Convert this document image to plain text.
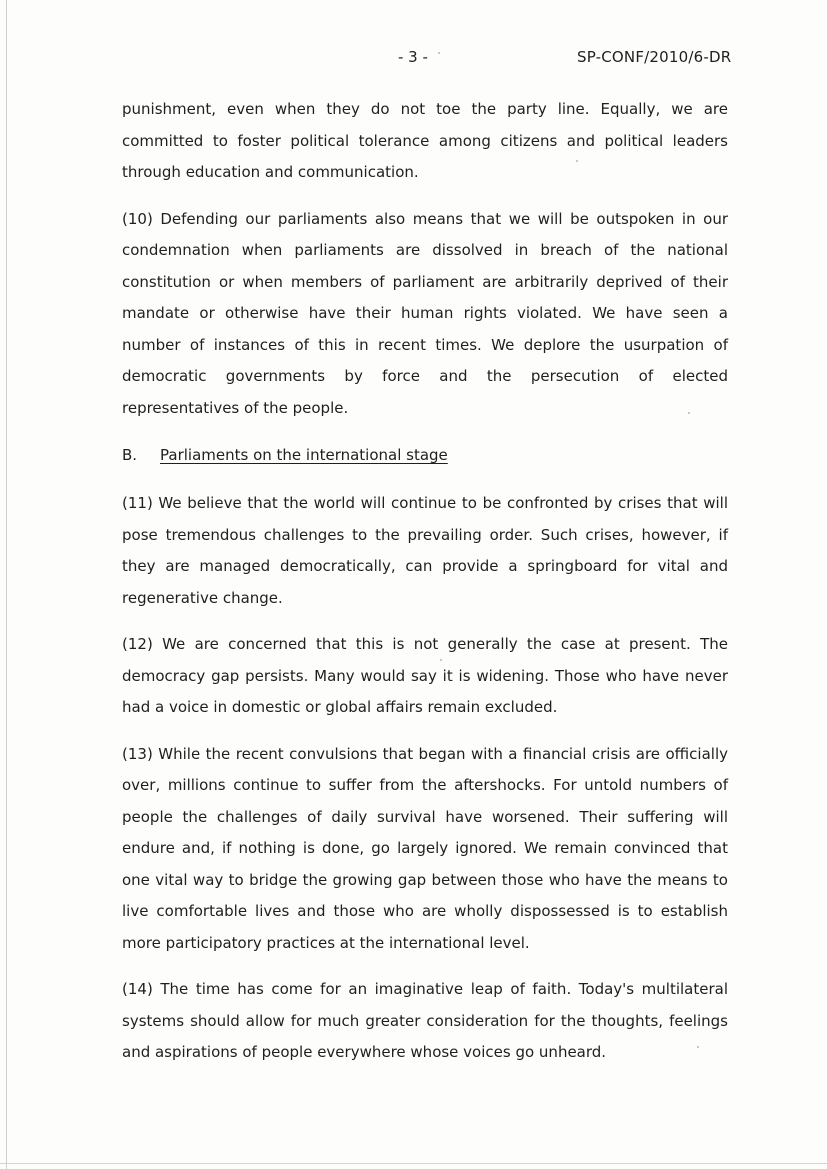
- 3 -	SP-CONF/2010/6-DR

punishment, even when they do not toe the party line. Equally, we are committed to foster political tolerance among citizens and political leaders through education and communication.

(10) Defending our parliaments also means that we will be outspoken in our condemnation when parliaments are dissolved in breach of the national constitution or when members of parliament are arbitrarily deprived of their mandate or otherwise have their human rights violated. We have seen a number of instances of this in recent times. We deplore the usurpation of democratic governments by force and the persecution of elected representatives of the people.

B. Parliaments on the international stage

(11) We believe that the world will continue to be confronted by crises that will pose tremendous challenges to the prevailing order. Such crises, however, if they are managed democratically, can provide a springboard for vital and regenerative change.

(12) We are concerned that this is not generally the case at present. The democracy gap persists. Many would say it is widening. Those who have never had a voice in domestic or global affairs remain excluded.

(13) While the recent convulsions that began with a financial crisis are officially over, millions continue to suffer from the aftershocks. For untold numbers of people the challenges of daily survival have worsened. Their suffering will endure and, if nothing is done, go largely ignored. We remain convinced that one vital way to bridge the growing gap between those who have the means to live comfortable lives and those who are wholly dispossessed is to establish more participatory practices at the international level.

(14) The time has come for an imaginative leap of faith. Today's multilateral systems should allow for much greater consideration for the thoughts, feelings and aspirations of people everywhere whose voices go unheard.
